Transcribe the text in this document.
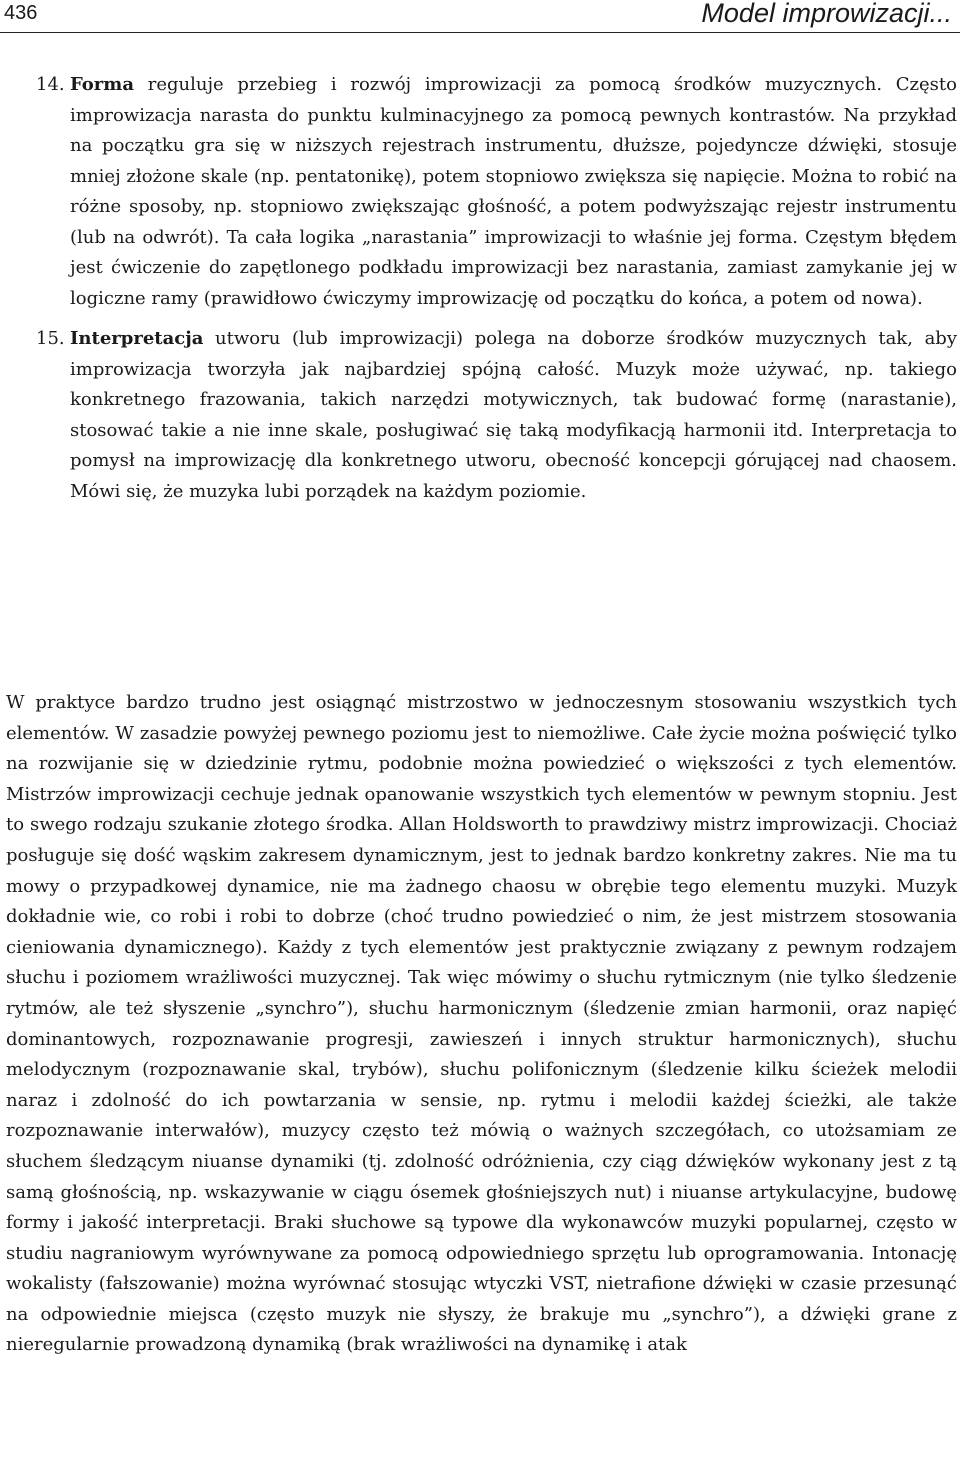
436	Model improwizacji...
14. Forma reguluje przebieg i rozwój improwizacji za pomocą środków muzycznych. Często improwizacja narasta do punktu kulminacyjnego za pomocą pewnych kontrastów. Na przykład na początku gra się w niższych rejestrach instrumentu, dłuższe, pojedyncze dźwięki, stosuje mniej złożone skale (np. pentatonikę), potem stopniowo zwiększa się napięcie. Można to robić na różne sposoby, np. stopniowo zwiększając głośność, a potem podwyższając rejestr instrumentu (lub na odwrót). Ta cała logika „narastania” improwizacji to właśnie jej forma. Częstym błędem jest ćwiczenie do zapętlonego podkładu improwizacji bez narastania, zamiast zamykanie jej w logiczne ramy (prawidłowo ćwiczymy improwizację od początku do końca, a potem od nowa).
15. Interpretacja utworu (lub improwizacji) polega na doborze środków muzycznych tak, aby improwizacja tworzyła jak najbardziej spójną całość. Muzyk może używać, np. takiego konkretnego frazowania, takich narzędzi motywicznych, tak budować formę (narastanie), stosować takie a nie inne skale, posługiwać się taką modyfikacją harmonii itd. Interpretacja to pomysł na improwizację dla konkretnego utworu, obecność koncepcji górującej nad chaosem. Mówi się, że muzyka lubi porządek na każdym poziomie.

W praktyce bardzo trudno jest osiągnąć mistrzostwo w jednoczesnym stosowaniu wszystkich tych elementów. W zasadzie powyżej pewnego poziomu jest to niemożliwe. Całe życie można poświęcić tylko na rozwijanie się w dziedzinie rytmu, podobnie można powiedzieć o większości z tych elementów. Mistrzów improwizacji cechuje jednak opanowanie wszystkich tych elementów w pewnym stopniu. Jest to swego rodzaju szukanie złotego środka. Allan Holdsworth to prawdziwy mistrz improwizacji. Chociaż posługuje się dość wąskim zakresem dynamicznym, jest to jednak bardzo konkretny zakres. Nie ma tu mowy o przypadkowej dynamice, nie ma żadnego chaosu w obrębie tego elementu muzyki. Muzyk dokładnie wie, co robi i robi to dobrze (choć trudno powiedzieć o nim, że jest mistrzem stosowania cieniowania dynamicznego). Każdy z tych elementów jest praktycznie związany z pewnym rodzajem słuchu i poziomem wrażliwości muzycznej. Tak więc mówimy o słuchu rytmicznym (nie tylko śledzenie rytmów, ale też słyszenie „synchro”), słuchu harmonicznym (śledzenie zmian harmonii, oraz napięć dominantowych, rozpoznawanie progresji, zawieszeń i innych struktur harmonicznych), słuchu melodycznym (rozpoznawanie skal, trybów), słuchu polifonicznym (śledzenie kilku ścieżek melodii naraz i zdolność do ich powtarzania w sensie, np. rytmu i melodii każdej ścieżki, ale także rozpoznawanie interwałów), muzycy często też mówią o ważnych szczegółach, co utożsamiam ze słuchem śledzącym niuanse dynamiki (tj. zdolność odróżnienia, czy ciąg dźwięków wykonany jest z tą samą głośnością, np. wskazywanie w ciągu ósemek głośniejszych nut) i niuanse artykulacyjne, budowę formy i jakość interpretacji. Braki słuchowe są typowe dla wykonawców muzyki popularnej, często w studiu nagraniowym wyrównywane za pomocą odpowiedniego sprzętu lub oprogramowania. Intonację wokalisty (fałszowanie) można wyrównać stosując wtyczki VST, nietrafione dźwięki w czasie przesunąć na odpowiednie miejsca (często muzyk nie słyszy, że brakuje mu „synchro”), a dźwięki grane z nieregularnie prowadzoną dynamiką (brak wrażliwości na dynamikę i atak
